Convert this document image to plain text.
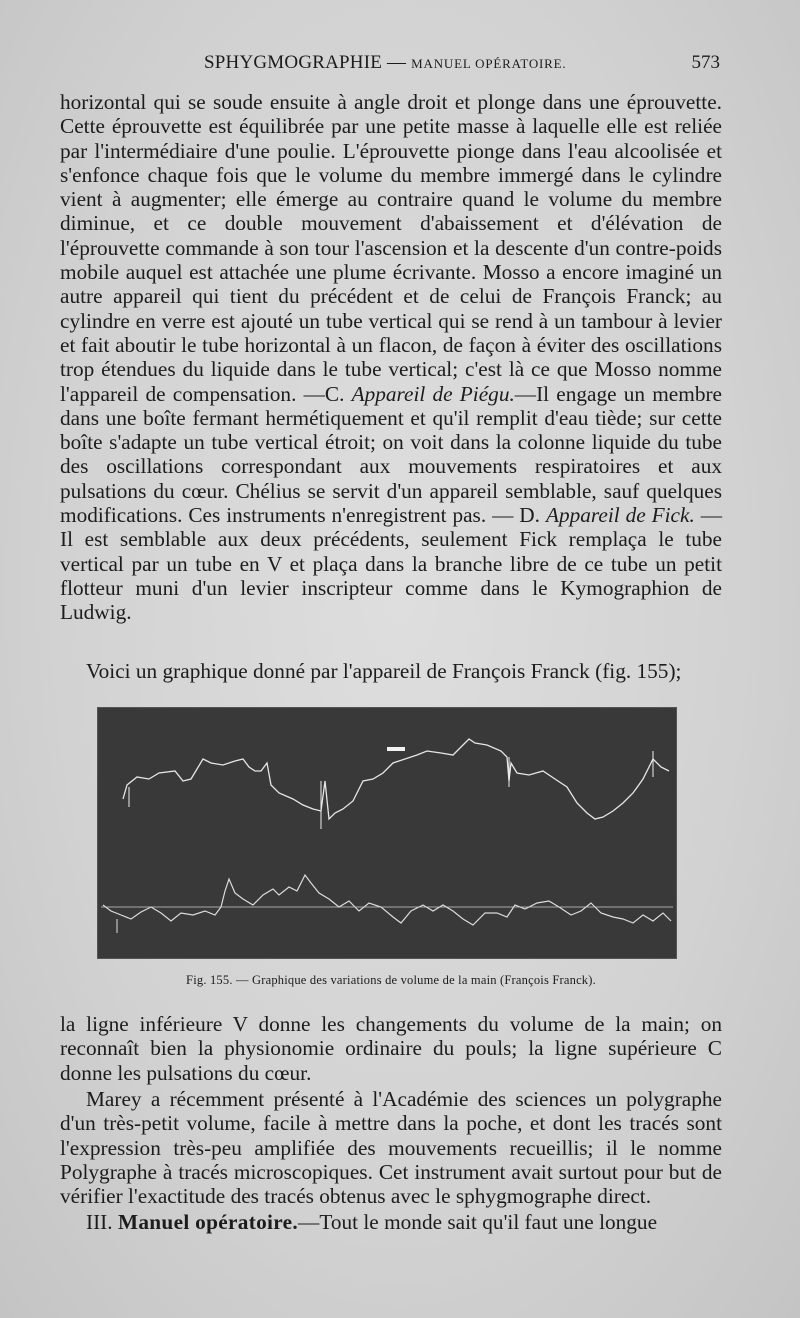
SPHYGMOGRAPHIE — MANUEL OPÉRATOIRE.	573

horizontal qui se soude ensuite à angle droit et plonge dans une éprouvette. Cette éprouvette est équilibrée par une petite masse à laquelle elle est reliée par l'intermédiaire d'une poulie. L'éprouvette pionge dans l'eau alcoolisée et s'enfonce chaque fois que le volume du membre immergé dans le cylindre vient à augmenter; elle émerge au contraire quand le volume du membre diminue, et ce double mouvement d'abaissement et d'élévation de l'éprouvette commande à son tour l'ascension et la descente d'un contre-poids mobile auquel est attachée une plume écrivante. Mosso a encore imaginé un autre appareil qui tient du précédent et de celui de François Franck; au cylindre en verre est ajouté un tube vertical qui se rend à un tambour à levier et fait aboutir le tube horizontal à un flacon, de façon à éviter des oscillations trop étendues du liquide dans le tube vertical; c'est là ce que Mosso nomme l'appareil de compensation. —C. Appareil de Piégu.—Il engage un membre dans une boîte fermant hermétiquement et qu'il remplit d'eau tiède; sur cette boîte s'adapte un tube vertical étroit; on voit dans la colonne liquide du tube des oscillations correspondant aux mouvements respiratoires et aux pulsations du cœur. Chélius se servit d'un appareil semblable, sauf quelques modifications. Ces instruments n'enregistrent pas. — D. Appareil de Fick. — Il est semblable aux deux précédents, seulement Fick remplaça le tube vertical par un tube en V et plaça dans la branche libre de ce tube un petit flotteur muni d'un levier inscripteur comme dans le Kymographion de Ludwig.

Voici un graphique donné par l'appareil de François Franck (fig. 155);

Fig. 155. — Graphique des variations de volume de la main (François Franck).

la ligne inférieure V donne les changements du volume de la main; on reconnaît bien la physionomie ordinaire du pouls; la ligne supérieure C donne les pulsations du cœur.

Marey a récemment présenté à l'Académie des sciences un polygraphe d'un très-petit volume, facile à mettre dans la poche, et dont les tracés sont l'expression très-peu amplifiée des mouvements recueillis; il le nomme Polygraphe à tracés microscopiques. Cet instrument avait surtout pour but de vérifier l'exactitude des tracés obtenus avec le sphygmographe direct.

III. Manuel opératoire.—Tout le monde sait qu'il faut une longue
